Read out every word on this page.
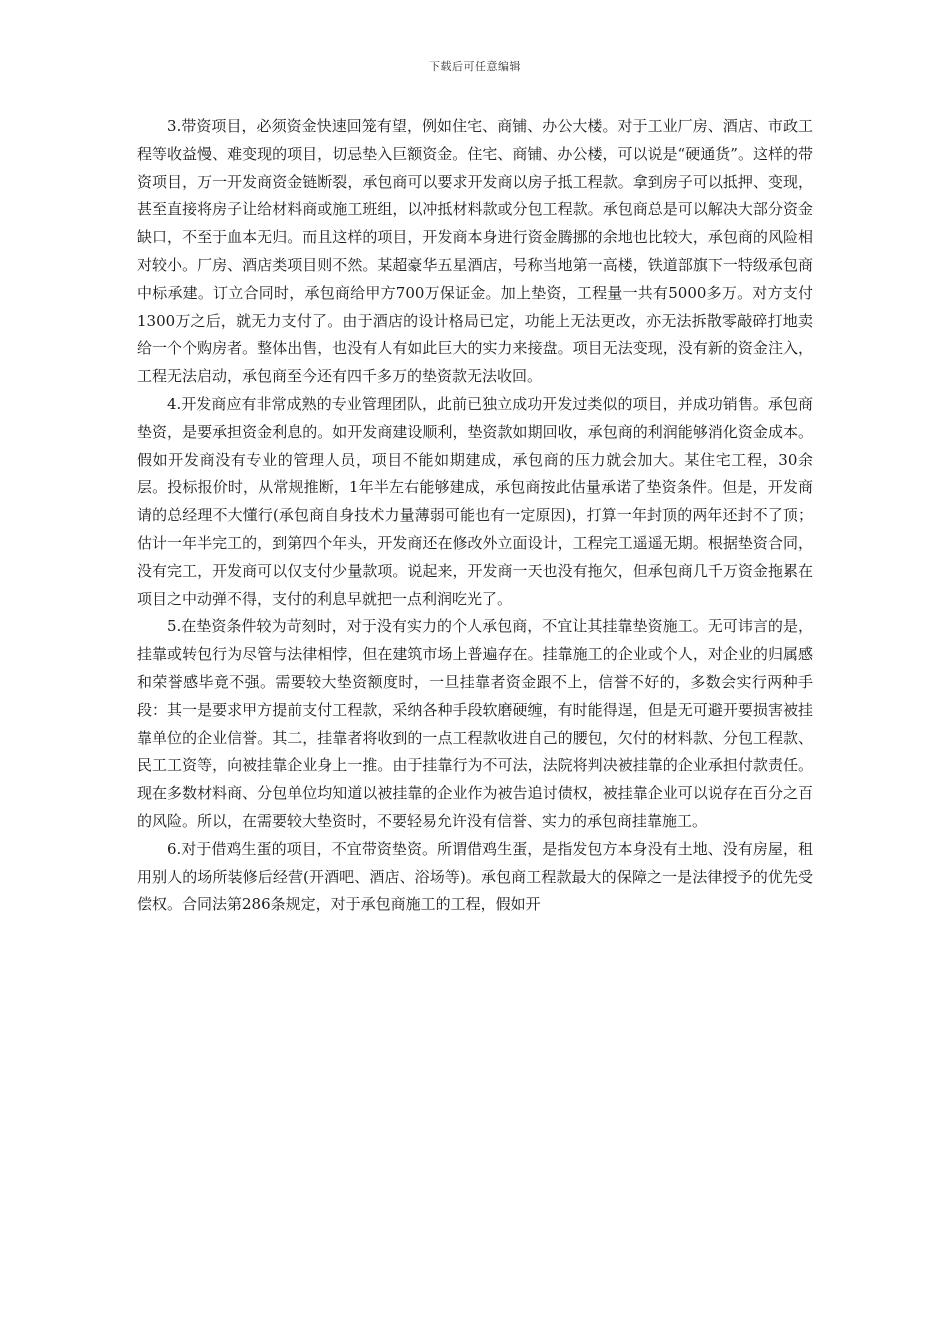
下载后可任意编辑

3.带资项目，必须资金快速回笼有望，例如住宅、商铺、办公大楼。对于工业厂房、酒店、市政工程等收益慢、难变现的项目，切忌垫入巨额资金。住宅、商铺、办公楼，可以说是“硬通货”。这样的带资项目，万一开发商资金链断裂，承包商可以要求开发商以房子抵工程款。拿到房子可以抵押、变现，甚至直接将房子让给材料商或施工班组，以冲抵材料款或分包工程款。承包商总是可以解决大部分资金缺口，不至于血本无归。而且这样的项目，开发商本身进行资金腾挪的余地也比较大，承包商的风险相对较小。厂房、酒店类项目则不然。某超豪华五星酒店，号称当地第一高楼，铁道部旗下一特级承包商中标承建。订立合同时，承包商给甲方700万保证金。加上垫资，工程量一共有5000多万。对方支付1300万之后，就无力支付了。由于酒店的设计格局已定，功能上无法更改，亦无法拆散零敲碎打地卖给一个个购房者。整体出售，也没有人有如此巨大的实力来接盘。项目无法变现，没有新的资金注入，工程无法启动，承包商至今还有四千多万的垫资款无法收回。

4.开发商应有非常成熟的专业管理团队，此前已独立成功开发过类似的项目，并成功销售。承包商垫资，是要承担资金利息的。如开发商建设顺利，垫资款如期回收，承包商的利润能够消化资金成本。假如开发商没有专业的管理人员，项目不能如期建成，承包商的压力就会加大。某住宅工程，30余层。投标报价时，从常规推断，1年半左右能够建成，承包商按此估量承诺了垫资条件。但是，开发商请的总经理不大懂行(承包商自身技术力量薄弱可能也有一定原因)，打算一年封顶的两年还封不了顶；估计一年半完工的，到第四个年头，开发商还在修改外立面设计，工程完工遥遥无期。根据垫资合同，没有完工，开发商可以仅支付少量款项。说起来，开发商一天也没有拖欠，但承包商几千万资金拖累在项目之中动弹不得，支付的利息早就把一点利润吃光了。

5.在垫资条件较为苛刻时，对于没有实力的个人承包商，不宜让其挂靠垫资施工。无可讳言的是，挂靠或转包行为尽管与法律相悖，但在建筑市场上普遍存在。挂靠施工的企业或个人，对企业的归属感和荣誉感毕竟不强。需要较大垫资额度时，一旦挂靠者资金跟不上，信誉不好的，多数会实行两种手段：其一是要求甲方提前支付工程款，采纳各种手段软磨硬缠，有时能得逞，但是无可避开要损害被挂靠单位的企业信誉。其二，挂靠者将收到的一点工程款收进自己的腰包，欠付的材料款、分包工程款、民工工资等，向被挂靠企业身上一推。由于挂靠行为不可法，法院将判决被挂靠的企业承担付款责任。现在多数材料商、分包单位均知道以被挂靠的企业作为被告追讨债权，被挂靠企业可以说存在百分之百的风险。所以，在需要较大垫资时，不要轻易允许没有信誉、实力的承包商挂靠施工。

6.对于借鸡生蛋的项目，不宜带资垫资。所谓借鸡生蛋，是指发包方本身没有土地、没有房屋，租用别人的场所装修后经营(开酒吧、酒店、浴场等)。承包商工程款最大的保障之一是法律授予的优先受偿权。合同法第286条规定，对于承包商施工的工程，假如开
